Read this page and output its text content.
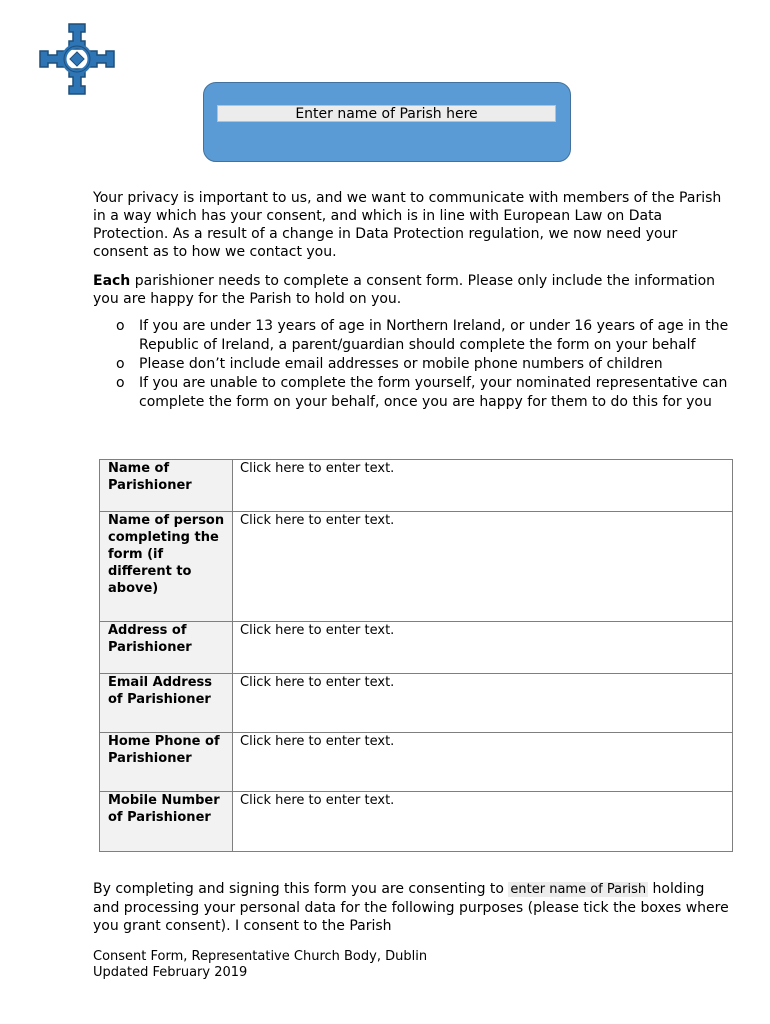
Enter name of Parish here

Your privacy is important to us, and we want to communicate with members of the Parish in a way which has your consent, and which is in line with European Law on Data Protection. As a result of a change in Data Protection regulation, we now need your consent as to how we contact you.

Each parishioner needs to complete a consent form. Please only include the information you are happy for the Parish to hold on you.

o If you are under 13 years of age in Northern Ireland, or under 16 years of age in the Republic of Ireland, a parent/guardian should complete the form on your behalf
o Please don’t include email addresses or mobile phone numbers of children
o If you are unable to complete the form yourself, your nominated representative can complete the form on your behalf, once you are happy for them to do this for you
Name of Parishioner	Click here to enter text.
Name of person completing the form (if different to above)	Click here to enter text.
Address of Parishioner	Click here to enter text.
Email Address of Parishioner	Click here to enter text.
Home Phone of Parishioner	Click here to enter text.
Mobile Number of Parishioner	Click here to enter text.

By completing and signing this form you are consenting to enter name of Parish holding and processing your personal data for the following purposes (please tick the boxes where you grant consent). I consent to the Parish

Consent Form, Representative Church Body, Dublin
Updated February 2019
